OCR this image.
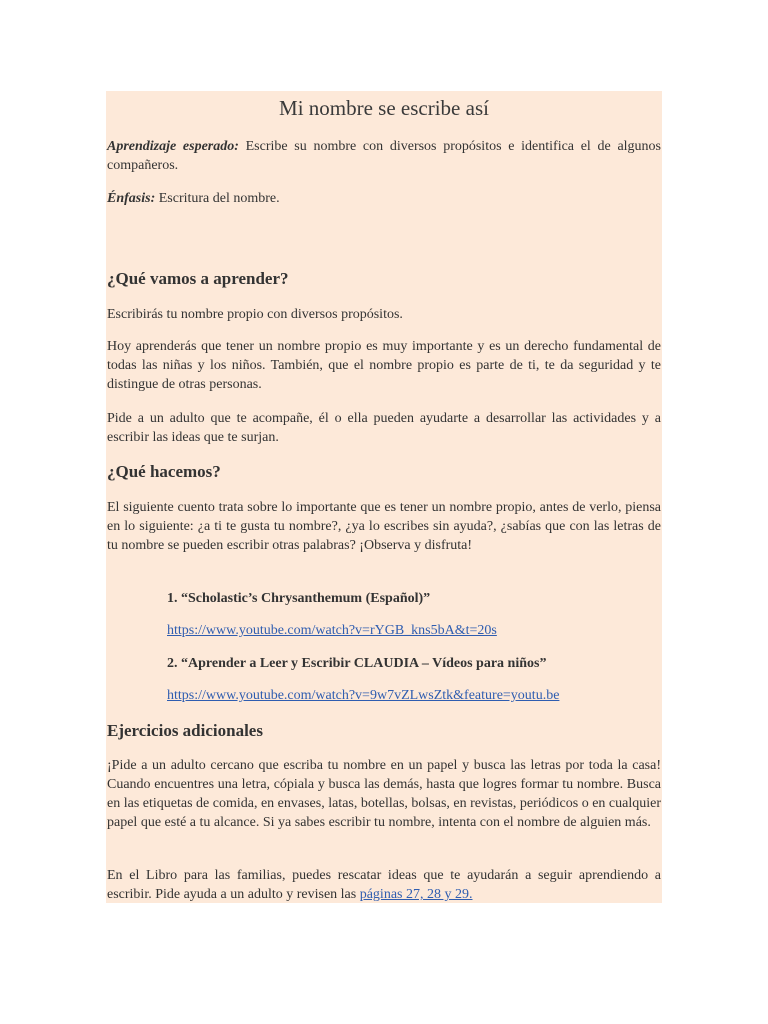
Mi nombre se escribe así

Aprendizaje esperado: Escribe su nombre con diversos propósitos e identifica el de algunos compañeros.

Énfasis: Escritura del nombre.

¿Qué vamos a aprender?

Escribirás tu nombre propio con diversos propósitos.

Hoy aprenderás que tener un nombre propio es muy importante y es un derecho fundamental de todas las niñas y los niños. También, que el nombre propio es parte de ti, te da seguridad y te distingue de otras personas.

Pide a un adulto que te acompañe, él o ella pueden ayudarte a desarrollar las actividades y a escribir las ideas que te surjan.

¿Qué hacemos?

El siguiente cuento trata sobre lo importante que es tener un nombre propio, antes de verlo, piensa en lo siguiente: ¿a ti te gusta tu nombre?, ¿ya lo escribes sin ayuda?, ¿sabías que con las letras de tu nombre se pueden escribir otras palabras? ¡Observa y disfruta!

1. “Scholastic’s Chrysanthemum (Español)”

https://www.youtube.com/watch?v=rYGB_kns5bA&t=20s

2. “Aprender a Leer y Escribir CLAUDIA – Vídeos para niños”

https://www.youtube.com/watch?v=9w7vZLwsZtk&feature=youtu.be
Ejercicios adicionales

¡Pide a un adulto cercano que escriba tu nombre en un papel y busca las letras por toda la casa! Cuando encuentres una letra, cópiala y busca las demás, hasta que logres formar tu nombre. Busca en las etiquetas de comida, en envases, latas, botellas, bolsas, en revistas, periódicos o en cualquier papel que esté a tu alcance. Si ya sabes escribir tu nombre, intenta con el nombre de alguien más.

En el Libro para las familias, puedes rescatar ideas que te ayudarán a seguir aprendiendo a escribir. Pide ayuda a un adulto y revisen las páginas 27, 28 y 29.
